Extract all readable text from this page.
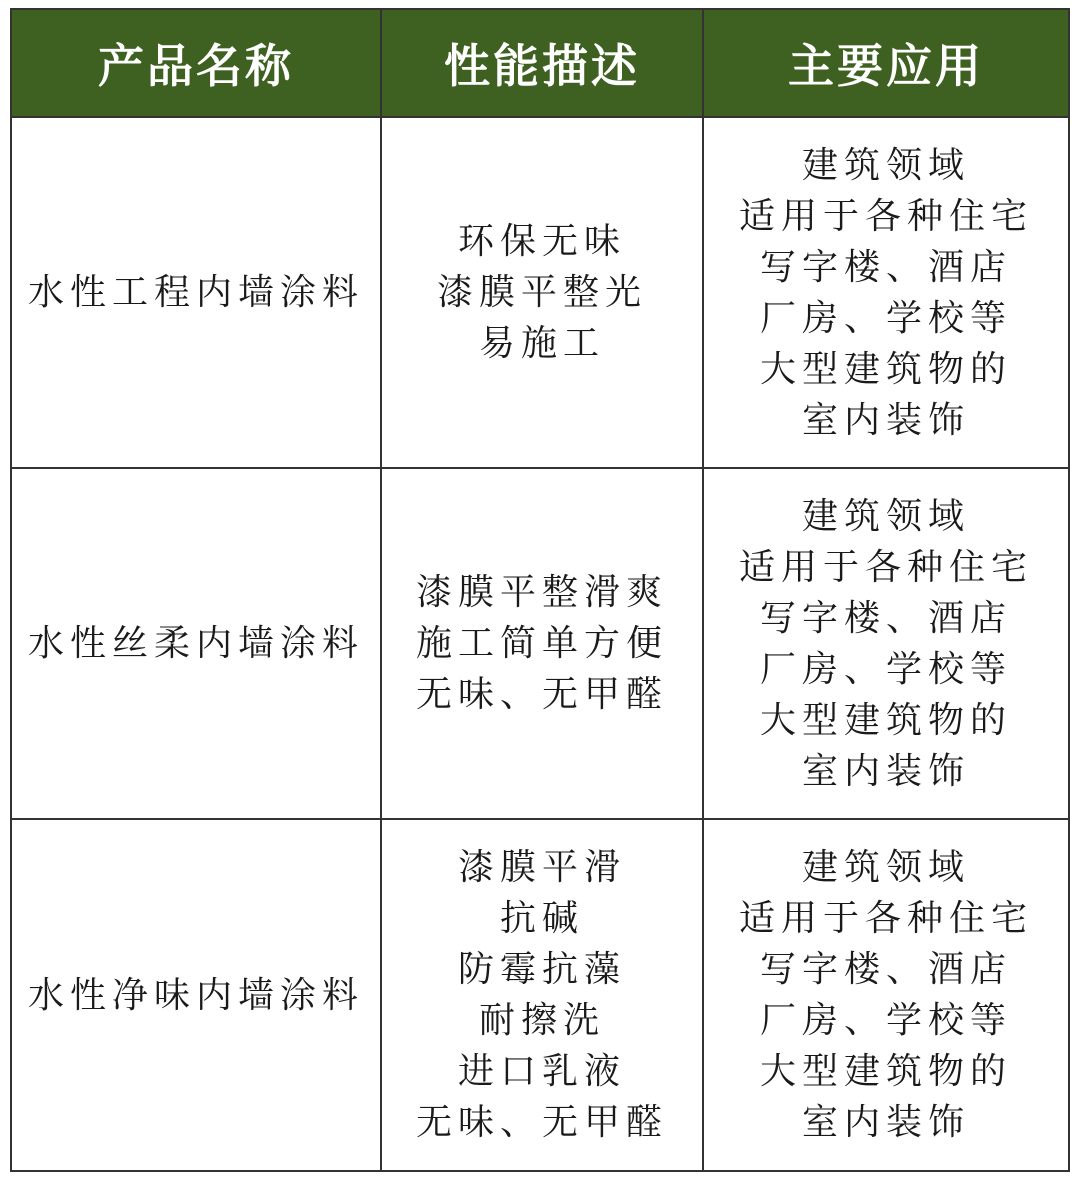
产品名称	性能描述	主要应用
水性工程内墙涂料
环保无味
漆膜平整光
易施工
建筑领域
适用于各种住宅
写字楼、酒店
厂房、学校等
大型建筑物的
室内装饰
水性丝柔内墙涂料
漆膜平整滑爽
施工简单方便
无味、无甲醛
建筑领域
适用于各种住宅
写字楼、酒店
厂房、学校等
大型建筑物的
室内装饰
水性净味内墙涂料
漆膜平滑
抗碱
防霉抗藻
耐擦洗
进口乳液
无味、无甲醛
建筑领域
适用于各种住宅
写字楼、酒店
厂房、学校等
大型建筑物的
室内装饰
